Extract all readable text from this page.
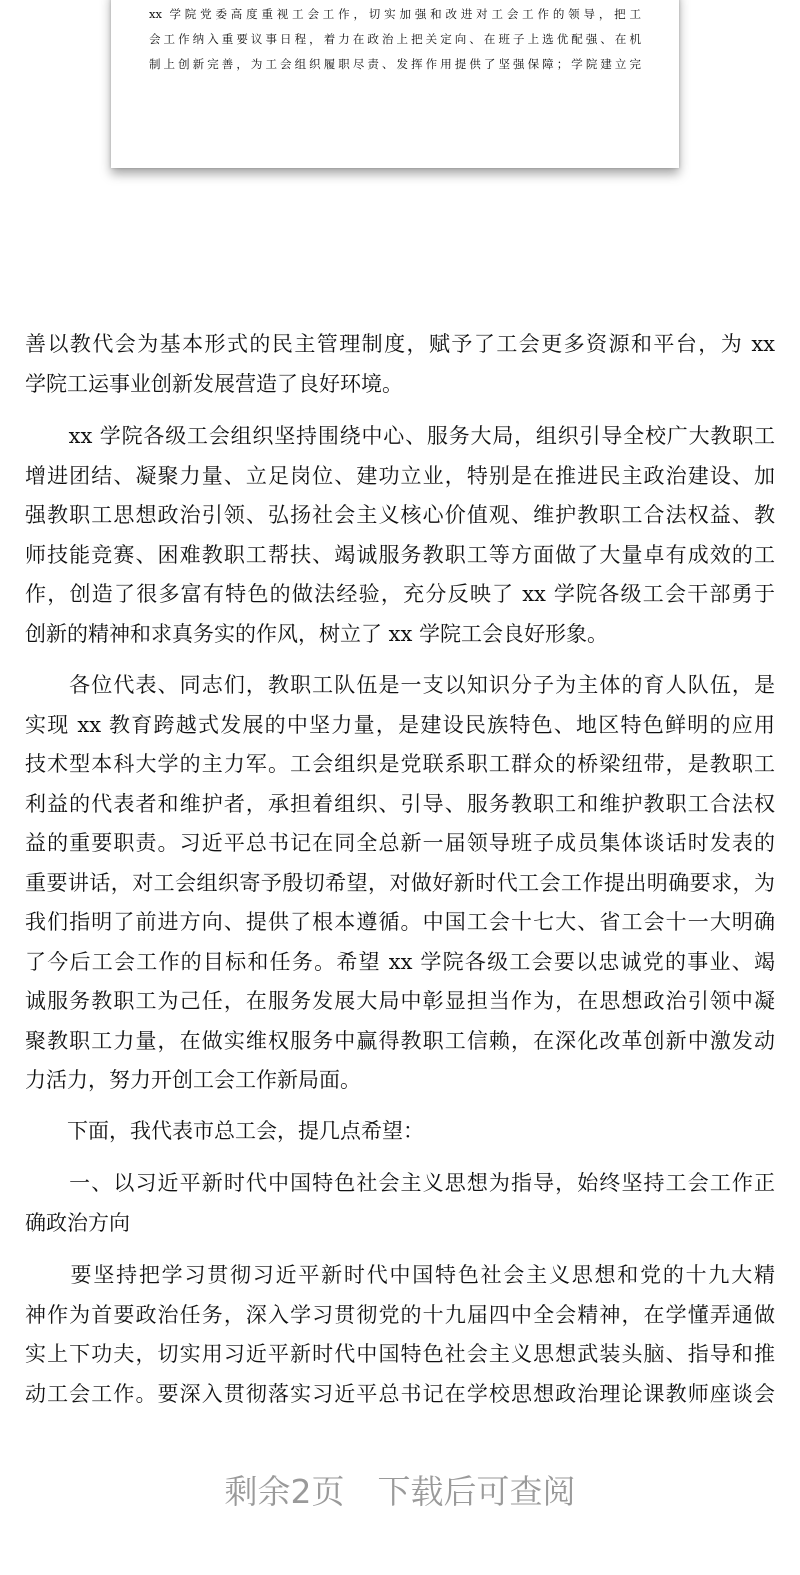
xx 学院党委高度重视工会工作，切实加强和改进对工会工作的领导，把工
会工作纳入重要议事日程，着力在政治上把关定向、在班子上选优配强、在机
制上创新完善，为工会组织履职尽责、发挥作用提供了坚强保障；学院建立完
善以教代会为基本形式的民主管理制度，赋予了工会更多资源和平台，为 xx
学院工运事业创新发展营造了良好环境。
　　xx 学院各级工会组织坚持围绕中心、服务大局，组织引导全校广大教职工
增进团结、凝聚力量、立足岗位、建功立业，特别是在推进民主政治建设、加
强教职工思想政治引领、弘扬社会主义核心价值观、维护教职工合法权益、教
师技能竞赛、困难教职工帮扶、竭诚服务教职工等方面做了大量卓有成效的工
作，创造了很多富有特色的做法经验，充分反映了 xx 学院各级工会干部勇于
创新的精神和求真务实的作风，树立了 xx 学院工会良好形象。
　　各位代表、同志们，教职工队伍是一支以知识分子为主体的育人队伍，是
实现 xx 教育跨越式发展的中坚力量，是建设民族特色、地区特色鲜明的应用
技术型本科大学的主力军。工会组织是党联系职工群众的桥梁纽带，是教职工
利益的代表者和维护者，承担着组织、引导、服务教职工和维护教职工合法权
益的重要职责。习近平总书记在同全总新一届领导班子成员集体谈话时发表的
重要讲话，对工会组织寄予殷切希望，对做好新时代工会工作提出明确要求，为
我们指明了前进方向、提供了根本遵循。中国工会十七大、省工会十一大明确
了今后工会工作的目标和任务。希望 xx 学院各级工会要以忠诚党的事业、竭
诚服务教职工为己任，在服务发展大局中彰显担当作为，在思想政治引领中凝
聚教职工力量，在做实维权服务中赢得教职工信赖，在深化改革创新中激发动
力活力，努力开创工会工作新局面。
　　下面，我代表市总工会，提几点希望：
　　一、以习近平新时代中国特色社会主义思想为指导，始终坚持工会工作正
确政治方向
　　要坚持把学习贯彻习近平新时代中国特色社会主义思想和党的十九大精
神作为首要政治任务，深入学习贯彻党的十九届四中全会精神，在学懂弄通做
实上下功夫，切实用习近平新时代中国特色社会主义思想武装头脑、指导和推
动工会工作。要深入贯彻落实习近平总书记在学校思想政治理论课教师座谈会
剩余2页　下载后可查阅
